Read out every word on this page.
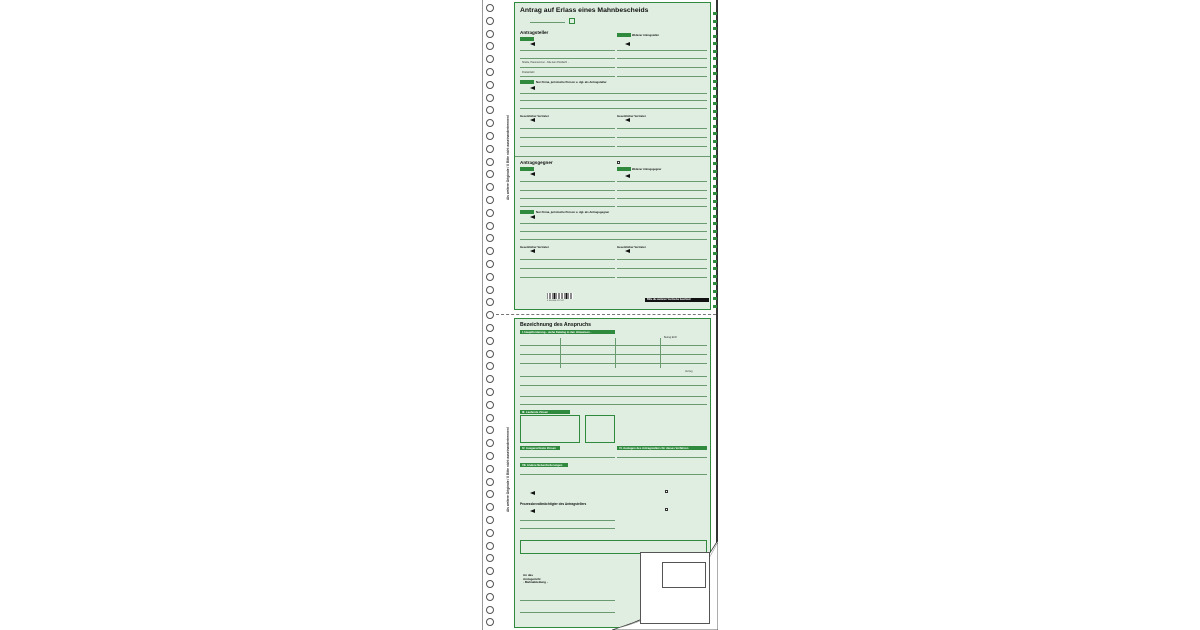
Antrag auf Erlass eines Mahnbescheids
Antragsteller
Straße, Hausnummer - bitte kein Postfach! -
Postleitzahl
Weiterer Antragsteller
Nur Firma, juristische Person u. dgl. als Antragsteller
Gesetzlicher Vertreter	Gesetzlicher Vertreter
Antragsgegner
Weiterer Antragsgegner
Nur Firma, juristische Person u. dgl. als Antragsgegner
Gesetzlicher Vertreter	Gesetzlicher Vertreter
4 004360 017147	Bitte die weiteren Vordrucke beachten!
Als weitere Originale / ll Bitte nicht auseinandertrennen!
Bezeichnung des Anspruchs
I. Hauptforderung - siehe Katalog in den Hinweisen -
Betrag EUR
Verzug
III. Laufende Zinsen
IV. Ausgerechnete Zinsen	VI. Auslagen des Antragstellers für dieses Verfahren
VII. Andere Nebenforderungen
Prozessbevollmächtigter des Antragstellers
An das
Amtsgericht
- Mahnabteilung -
Als weitere Originale / ll Bitte nicht auseinandertrennen!
